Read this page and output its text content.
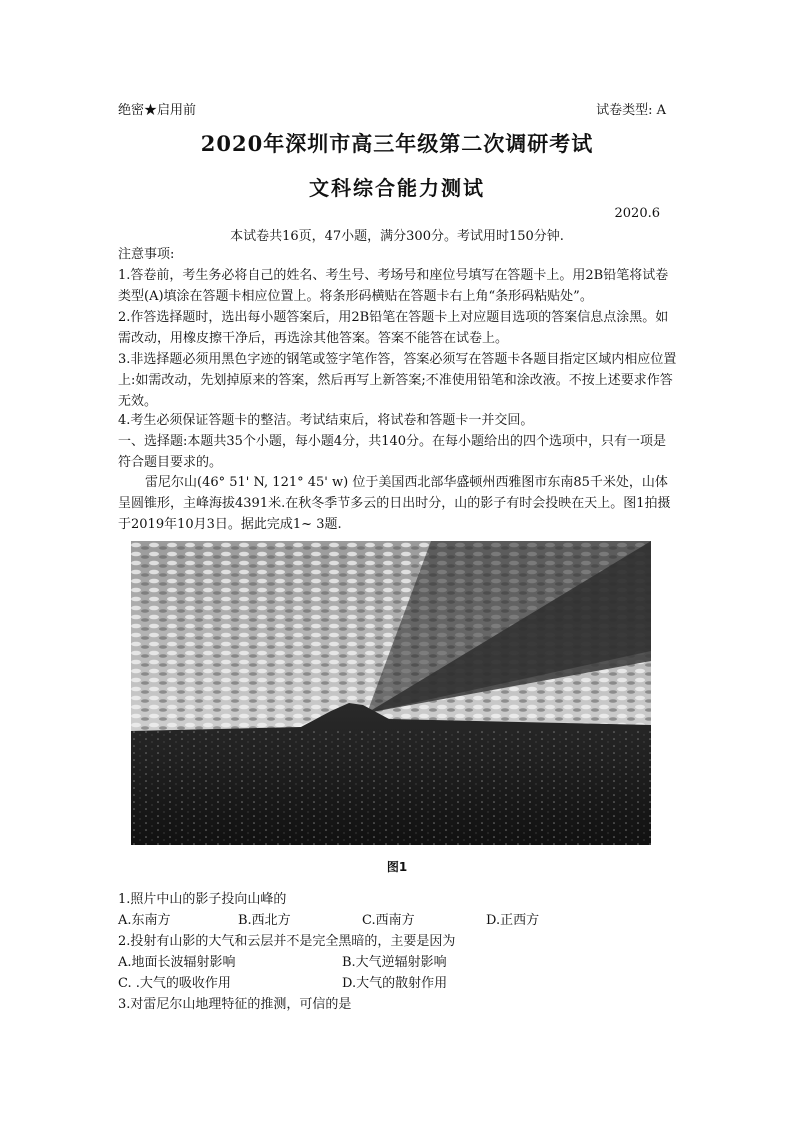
绝密★启用前	试卷类型: A
2020年深圳市高三年级第二次调研考试
文科综合能力测试
2020.6
本试卷共16页，47小题，满分300分。考试用时150分钟.
注意事项:
1.答卷前，考生务必将自己的姓名、考生号、考场号和座位号填写在答题卡上。用2B铅笔将试卷类型(A)填涂在答题卡相应位置上。将条形码横贴在答题卡右上角“条形码粘贴处”。
2.作答选择题时，选出每小题答案后，用2B铅笔在答题卡上对应题目选项的答案信息点涂黑。如需改动，用橡皮擦干净后，再选涂其他答案。答案不能答在试卷上。
3.非选择题必须用黑色字迹的钢笔或签字笔作答，答案必须写在答题卡各题目指定区域内相应位置上:如需改动，先划掉原来的答案，然后再写上新答案;不准使用铅笔和涂改液。不按上述要求作答无效。
4.考生必须保证答题卡的整洁。考试结束后，将试卷和答题卡一并交回。
一、选择题:本题共35个小题，每小题4分，共140分。在每小题给出的四个选项中，只有一项是符合题目要求的。
雷尼尔山(46° 51' N, 121° 45' w) 位于美国西北部华盛顿州西雅图市东南85千米处，山体呈圆锥形，主峰海拔4391米.在秋冬季节多云的日出时分，山的影子有时会投映在天上。图1拍摄于2019年10月3日。据此完成1~ 3题.
图1
1.照片中山的影子投向山峰的
A.东南方	B.西北方	C.西南方	D.正西方
2.投射有山影的大气和云层并不是完全黑暗的，主要是因为
A.地面长波辐射影响	B.大气逆辐射影响
C. .大气的吸收作用	D.大气的散射作用
3.对雷尼尔山地理特征的推测，可信的是
